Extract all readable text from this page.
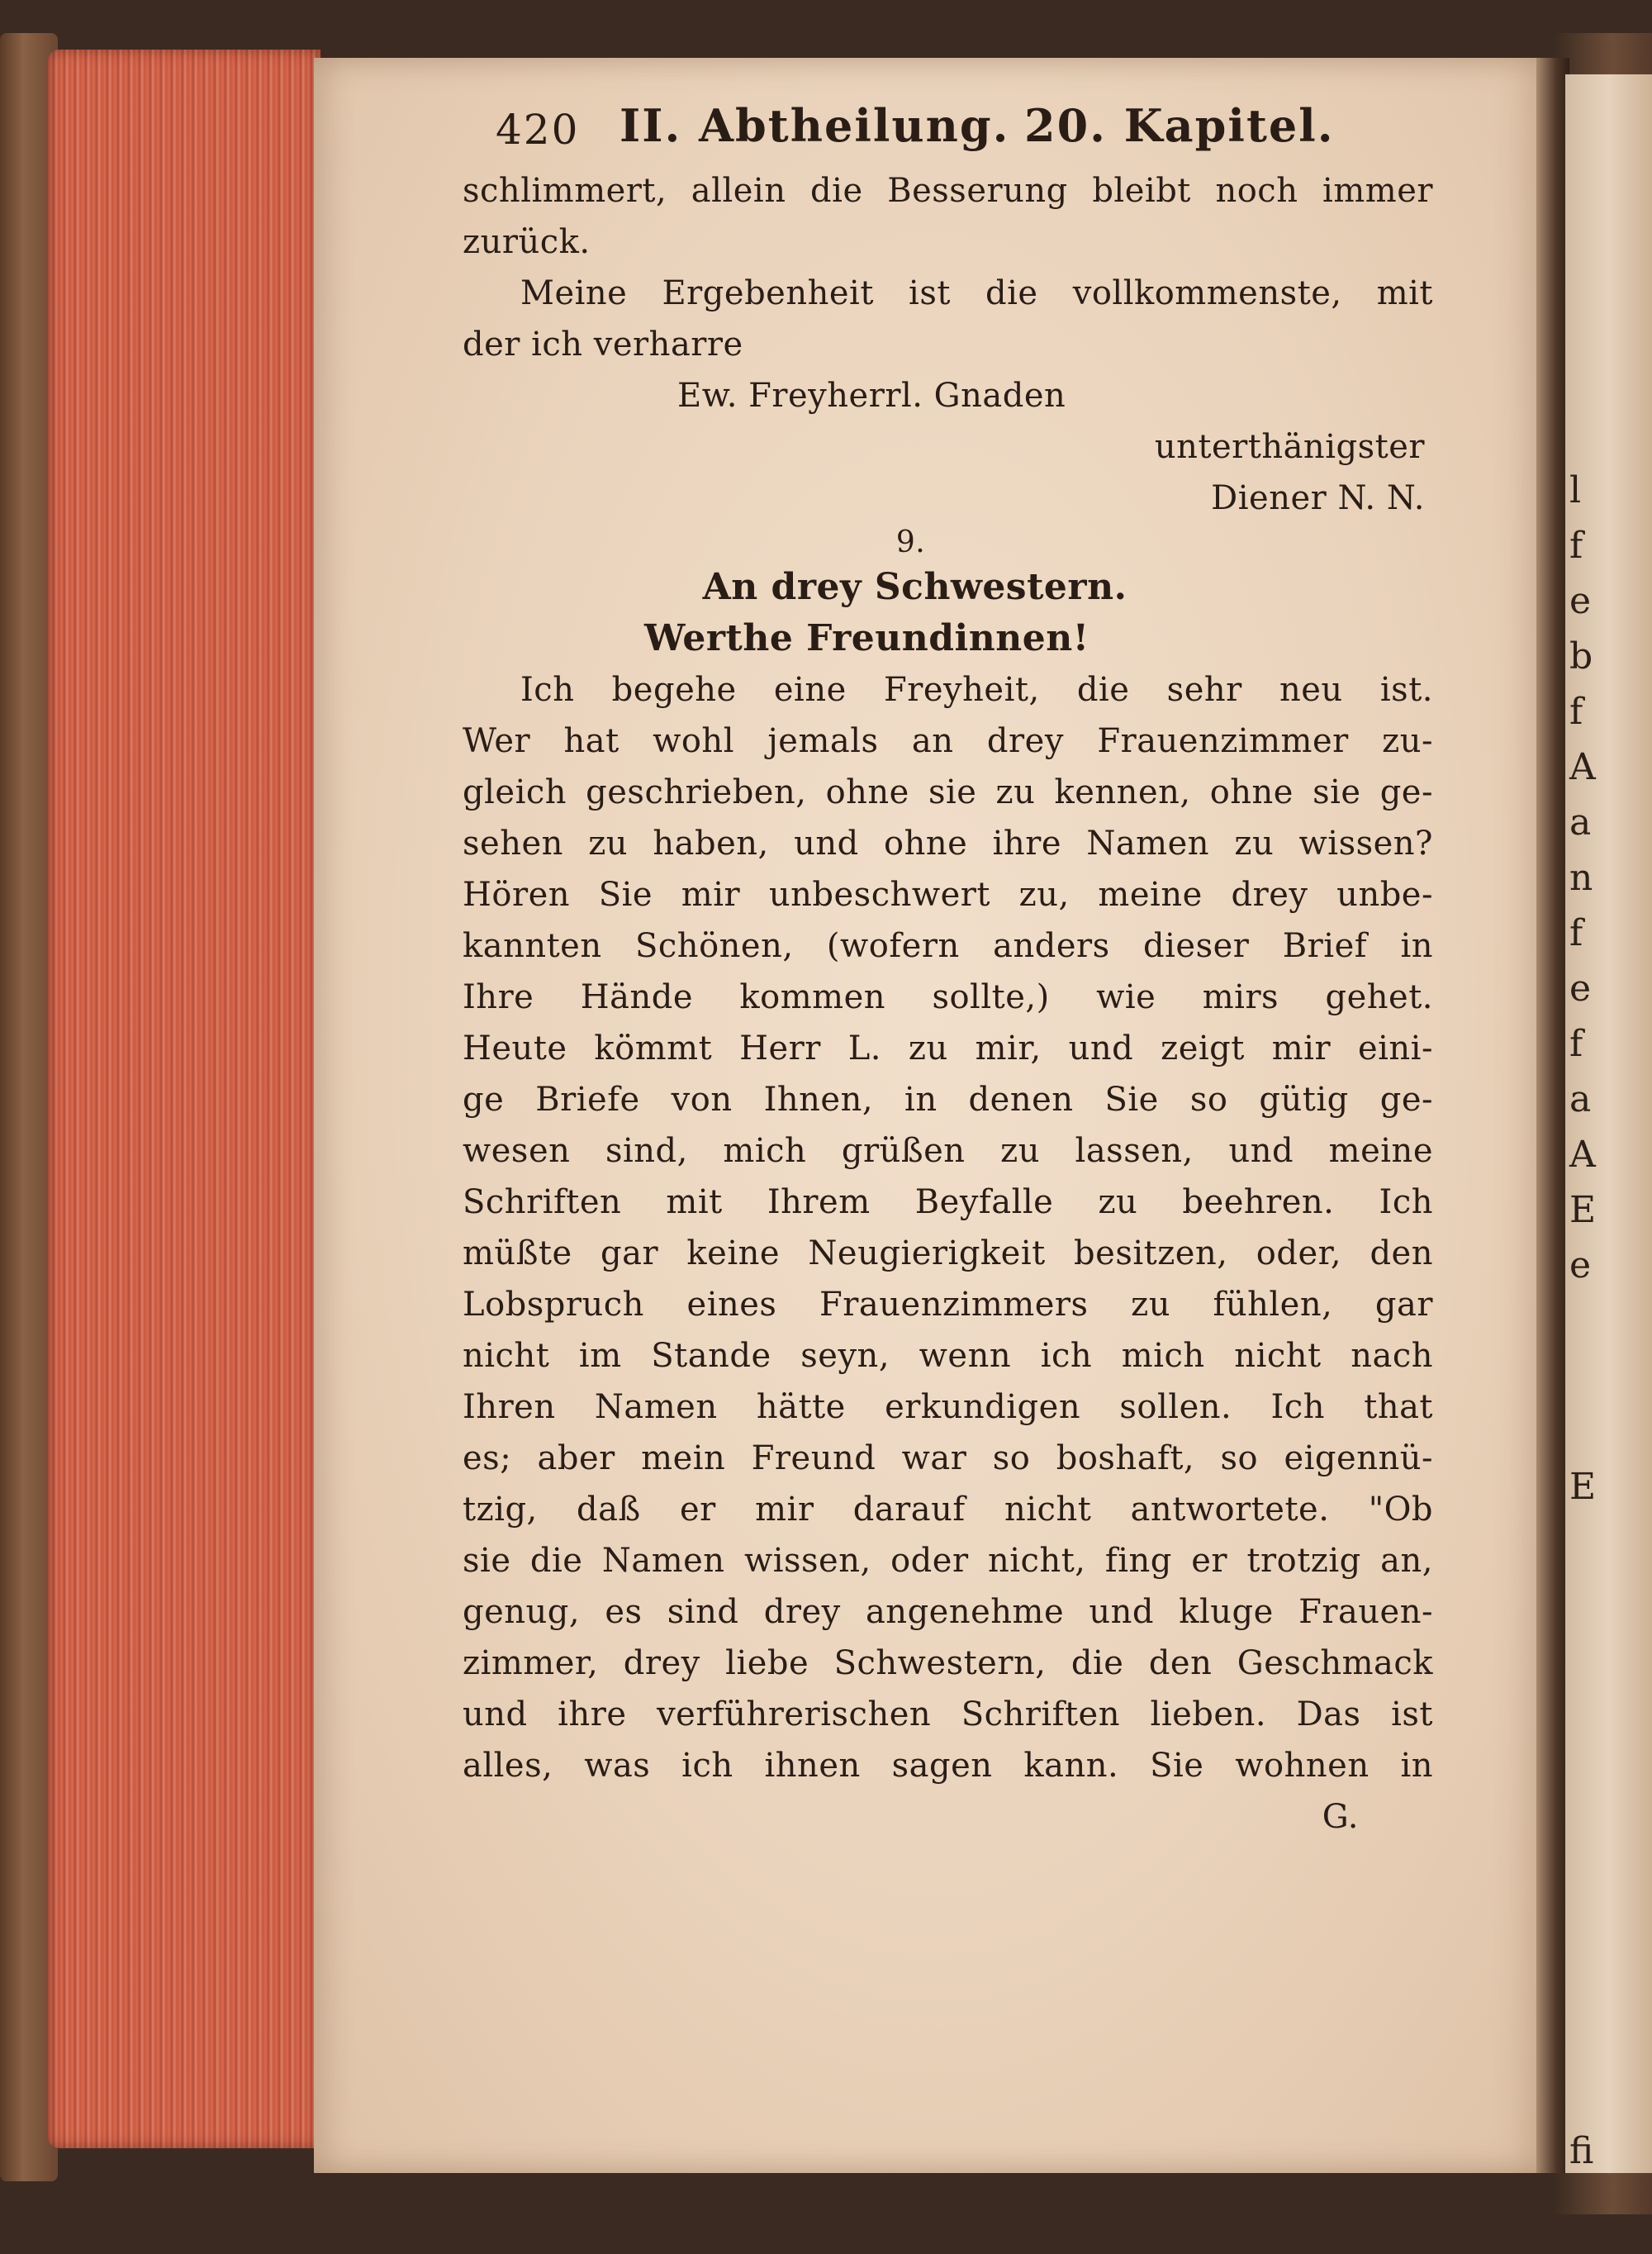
l
f
e
b
f
A
a
n
f
e
f
a
A
E
e
E
fi
420 II. Abtheilung. 20. Kapitel.
schlimmert, allein die Besserung bleibt noch immer
zurück.
Meine Ergebenheit ist die vollkommenste, mit
der ich verharre
Ew. Freyherrl. Gnaden
unterthänigster
Diener N. N.
9.
An drey Schwestern.
Werthe Freundinnen!
Ich begehe eine Freyheit, die sehr neu ist.
Wer hat wohl jemals an drey Frauenzimmer zu-
gleich geschrieben, ohne sie zu kennen, ohne sie ge-
sehen zu haben, und ohne ihre Namen zu wissen?
Hören Sie mir unbeschwert zu, meine drey unbe-
kannten Schönen, (wofern anders dieser Brief in
Ihre Hände kommen sollte,) wie mirs gehet.
Heute kömmt Herr L. zu mir, und zeigt mir eini-
ge Briefe von Ihnen, in denen Sie so gütig ge-
wesen sind, mich grüßen zu lassen, und meine
Schriften mit Ihrem Beyfalle zu beehren. Ich
müßte gar keine Neugierigkeit besitzen, oder, den
Lobspruch eines Frauenzimmers zu fühlen, gar
nicht im Stande seyn, wenn ich mich nicht nach
Ihren Namen hätte erkundigen sollen. Ich that
es; aber mein Freund war so boshaft, so eigennü-
tzig, daß er mir darauf nicht antwortete. "Ob
sie die Namen wissen, oder nicht, fing er trotzig an,
genug, es sind drey angenehme und kluge Frauen-
zimmer, drey liebe Schwestern, die den Geschmack
und ihre verführerischen Schriften lieben. Das ist
alles, was ich ihnen sagen kann. Sie wohnen in
G.
